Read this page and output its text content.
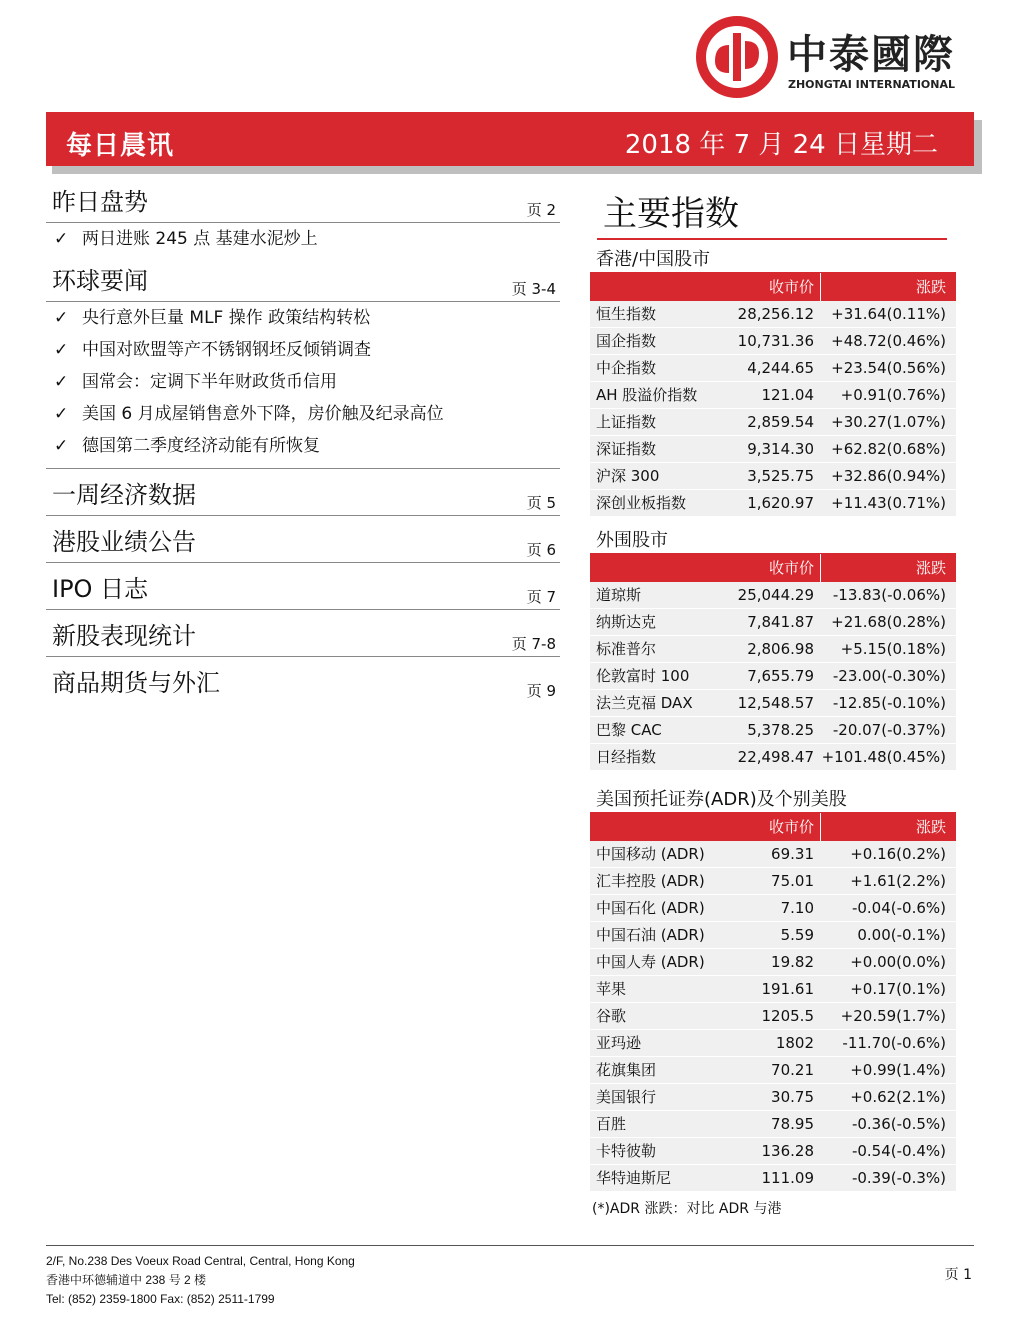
中泰國際
ZHONGTAI INTERNATIONAL
每日晨讯	2018 年 7 月 24 日星期二
昨日盘势	页 2
✓ 两日进账 245 点 基建水泥炒上
环球要闻	页 3-4
✓ 央行意外巨量 MLF 操作 政策结构转松
✓ 中国对欧盟等产不锈钢钢坯反倾销调查
✓ 国常会：定调下半年财政货币信用
✓ 美国 6 月成屋销售意外下降，房价触及纪录高位
✓ 德国第二季度经济动能有所恢复
一周经济数据	页 5
港股业绩公告	页 6
IPO 日志	页 7
新股表现统计	页 7-8
商品期货与外汇	页 9
主要指数
香港/中国股市
收市价	涨跌
恒生指数	28,256.12	+31.64(0.11%)
国企指数	10,731.36	+48.72(0.46%)
中企指数	4,244.65	+23.54(0.56%)
AH 股溢价指数	121.04	+0.91(0.76%)
上证指数	2,859.54	+30.27(1.07%)
深证指数	9,314.30	+62.82(0.68%)
沪深 300	3,525.75	+32.86(0.94%)
深创业板指数	1,620.97	+11.43(0.71%)
外围股市
收市价	涨跌
道琼斯	25,044.29	-13.83(-0.06%)
纳斯达克	7,841.87	+21.68(0.28%)
标准普尔	2,806.98	+5.15(0.18%)
伦敦富时 100	7,655.79	-23.00(-0.30%)
法兰克福 DAX	12,548.57	-12.85(-0.10%)
巴黎 CAC	5,378.25	-20.07(-0.37%)
日经指数	22,498.47 +101.48(0.45%)
美国预托证券(ADR)及个别美股
收市价	涨跌
中国移动 (ADR)	69.31	+0.16(0.2%)
汇丰控股 (ADR)	75.01	+1.61(2.2%)
中国石化 (ADR)	7.10	-0.04(-0.6%)
中国石油 (ADR)	5.59	0.00(-0.1%)
中国人寿 (ADR)	19.82	+0.00(0.0%)
苹果	191.61	+0.17(0.1%)
谷歌	1205.5	+20.59(1.7%)
亚玛逊	1802	-11.70(-0.6%)
花旗集团	70.21	+0.99(1.4%)
美国银行	30.75	+0.62(2.1%)
百胜	78.95	-0.36(-0.5%)
卡特彼勒	136.28	-0.54(-0.4%)
华特迪斯尼	111.09	-0.39(-0.3%)
(*)ADR 涨跌：对比 ADR 与港
2/F, No.238 Des Voeux Road Central, Central, Hong Kong
香港中环德辅道中 238 号 2 楼
Tel: (852) 2359-1800 Fax: (852) 2511-1799
页 1
